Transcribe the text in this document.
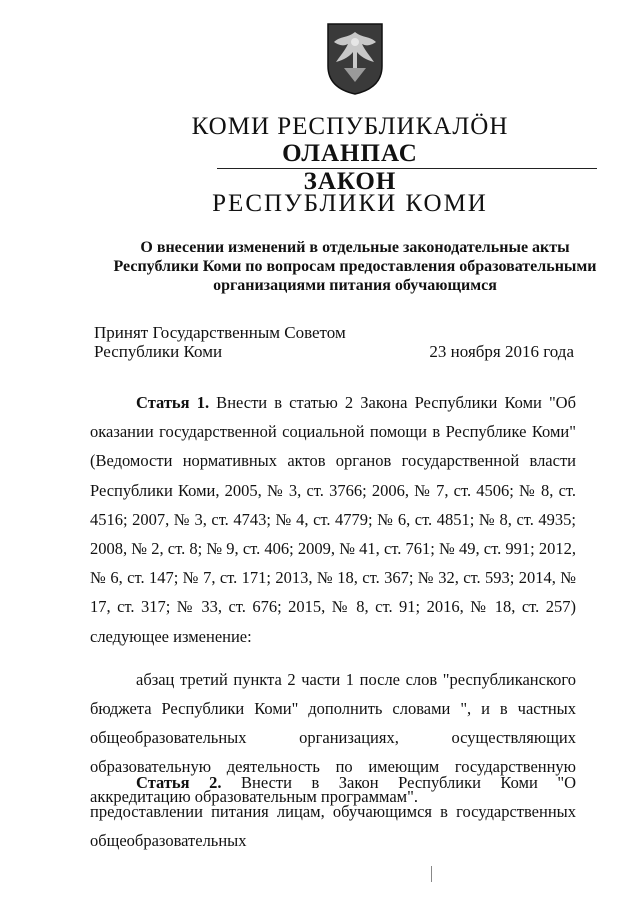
КОМИ РЕСПУБЛИКАЛӦН
ОЛАНПАС
ЗАКОН
РЕСПУБЛИКИ КОМИ
О внесении изменений в отдельные законодательные акты
Республики Коми по вопросам предоставления образовательными
организациями питания обучающимся
Принят Государственным Советом
Республики Коми	23 ноября 2016 года
Статья 1. Внести в статью 2 Закона Республики Коми "Об оказании государственной социальной помощи в Республике Коми" (Ведомости нормативных актов органов государственной власти Республики Коми, 2005, № 3, ст. 3766; 2006, № 7, ст. 4506; № 8, ст. 4516; 2007, № 3, ст. 4743; № 4, ст. 4779; № 6, ст. 4851; № 8, ст. 4935; 2008, № 2, ст. 8; № 9, ст. 406; 2009, № 41, ст. 761; № 49, ст. 991; 2012, № 6, ст. 147; № 7, ст. 171; 2013, № 18, ст. 367; № 32, ст. 593; 2014, № 17, ст. 317; № 33, ст. 676; 2015, № 8, ст. 91; 2016, № 18, ст. 257) следующее изменение:
абзац третий пункта 2 части 1 после слов "республиканского бюджета Республики Коми" дополнить словами ", и в частных общеобразовательных организациях, осуществляющих образовательную деятельность по имеющим государственную аккредитацию образовательным программам".
Статья 2. Внести в Закон Республики Коми "О предоставлении питания лицам, обучающимся в государственных общеобразовательных
